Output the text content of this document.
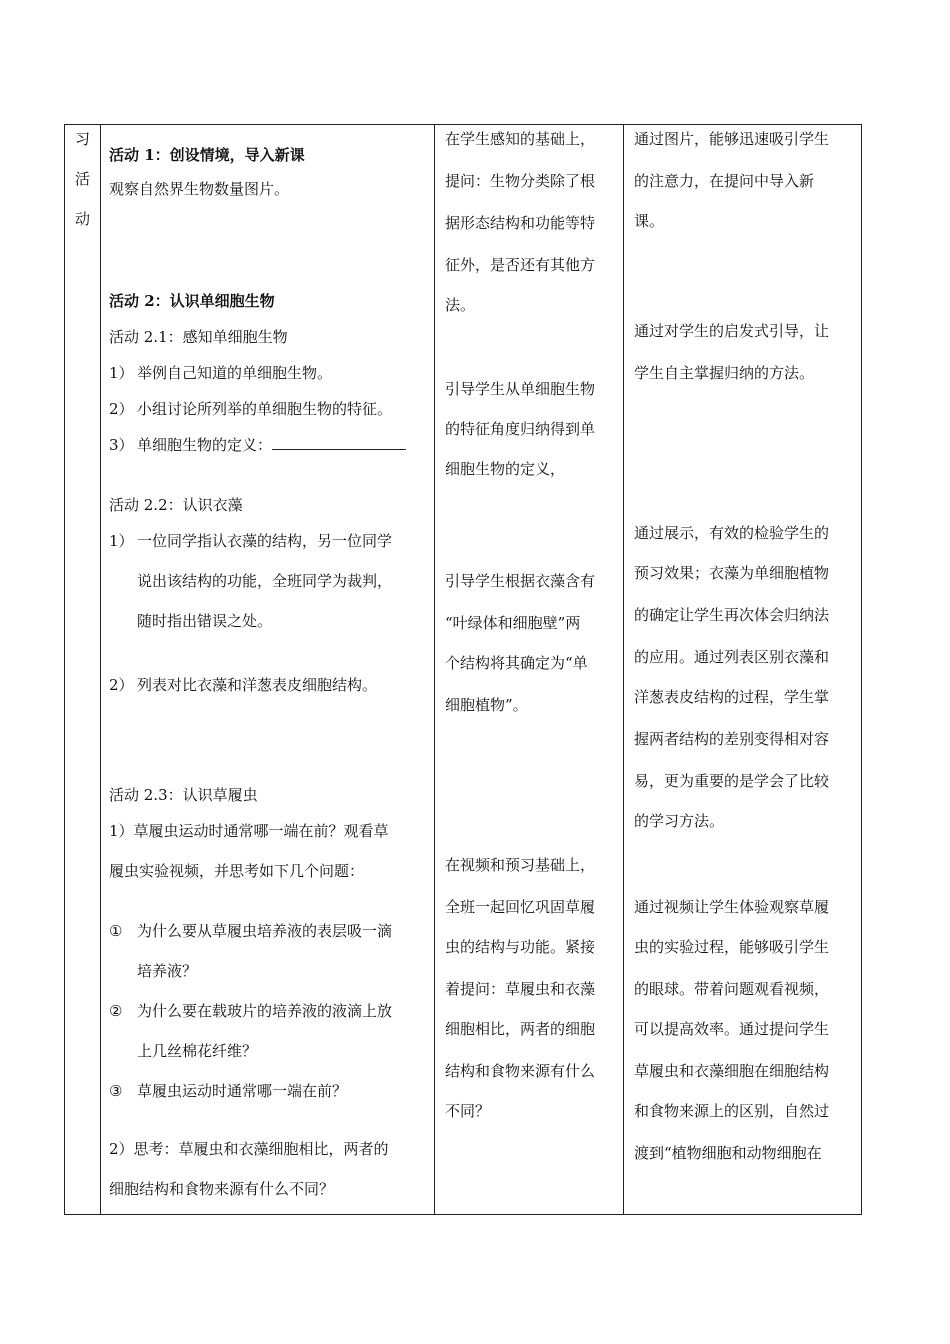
习
活
动
活动 1：创设情境，导入新课
观察自然界生物数量图片。
活动 2：认识单细胞生物
活动 2.1：感知单细胞生物
1） 举例自己知道的单细胞生物。
2） 小组讨论所列举的单细胞生物的特征。
3） 单细胞生物的定义：
活动 2.2：认识衣藻
1） 一位同学指认衣藻的结构，另一位同学
说出该结构的功能，全班同学为裁判，
随时指出错误之处。
2） 列表对比衣藻和洋葱表皮细胞结构。
活动 2.3：认识草履虫
1）草履虫运动时通常哪一端在前？观看草
履虫实验视频，并思考如下几个问题：
① 为什么要从草履虫培养液的表层吸一滴
培养液？
② 为什么要在载玻片的培养液的液滴上放
上几丝棉花纤维？
③ 草履虫运动时通常哪一端在前？
2）思考：草履虫和衣藻细胞相比，两者的
细胞结构和食物来源有什么不同？
在学生感知的基础上，
提问：生物分类除了根
据形态结构和功能等特
征外，是否还有其他方
法。
引导学生从单细胞生物
的特征角度归纳得到单
细胞生物的定义，
引导学生根据衣藻含有
“叶绿体和细胞壁”两
个结构将其确定为“单
细胞植物”。
在视频和预习基础上，
全班一起回忆巩固草履
虫的结构与功能。紧接
着提问：草履虫和衣藻
细胞相比，两者的细胞
结构和食物来源有什么
不同？
通过图片，能够迅速吸引学生
的注意力，在提问中导入新
课。
通过对学生的启发式引导，让
学生自主掌握归纳的方法。
通过展示，有效的检验学生的
预习效果；衣藻为单细胞植物
的确定让学生再次体会归纳法
的应用。通过列表区别衣藻和
洋葱表皮结构的过程，学生掌
握两者结构的差别变得相对容
易，更为重要的是学会了比较
的学习方法。
通过视频让学生体验观察草履
虫的实验过程，能够吸引学生
的眼球。带着问题观看视频，
可以提高效率。通过提问学生
草履虫和衣藻细胞在细胞结构
和食物来源上的区别，自然过
渡到“植物细胞和动物细胞在
